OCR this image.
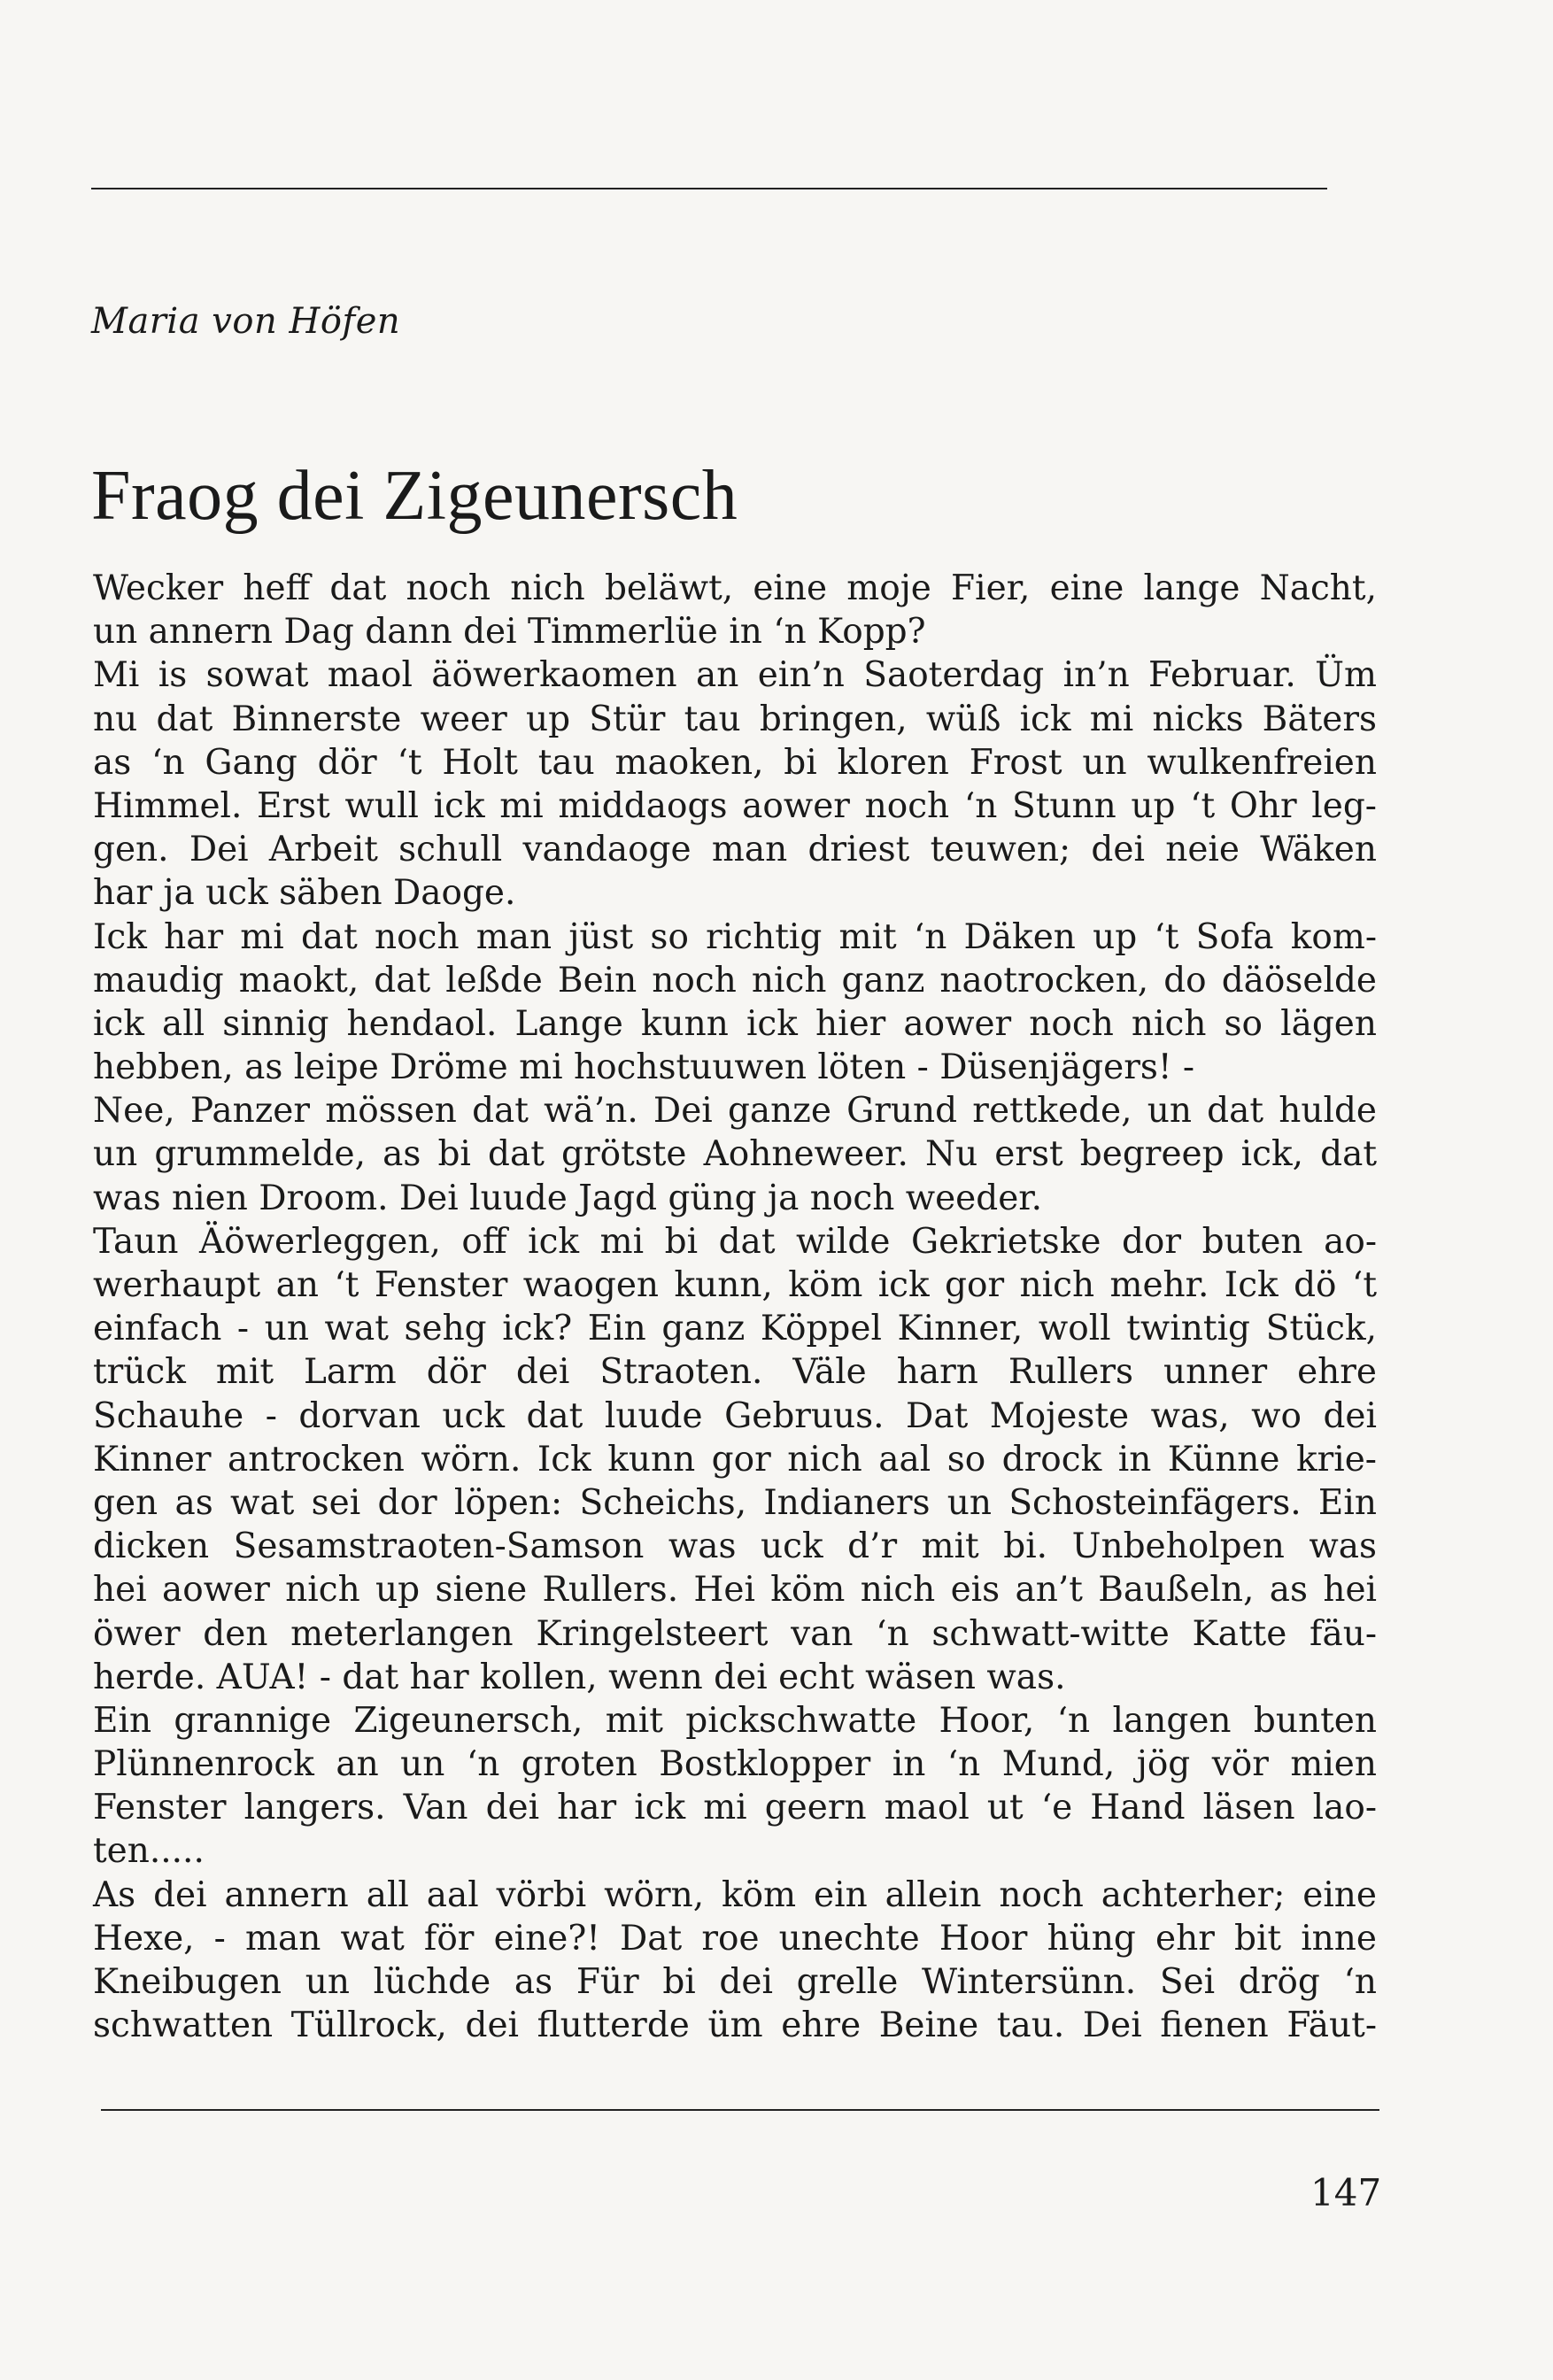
Maria von Höfen
Fraog dei Zigeunersch
Wecker heff dat noch nich beläwt, eine moje Fier, eine lange Nacht,
un annern Dag dann dei Timmerlüe in ‘n Kopp?
Mi is sowat maol äöwerkaomen an ein’n Saoterdag in’n Februar. Üm
nu dat Binnerste weer up Stür tau bringen, wüß ick mi nicks Bäters
as ‘n Gang dör ‘t Holt tau maoken, bi kloren Frost un wulkenfreien
Himmel. Erst wull ick mi middaogs aower noch ‘n Stunn up ‘t Ohr leg-
gen. Dei Arbeit schull vandaoge man driest teuwen; dei neie Wäken
har ja uck säben Daoge.
Ick har mi dat noch man jüst so richtig mit ‘n Däken up ‘t Sofa kom-
maudig maokt, dat leßde Bein noch nich ganz naotrocken, do däöselde
ick all sinnig hendaol. Lange kunn ick hier aower noch nich so lägen
hebben, as leipe Dröme mi hochstuuwen löten - Düsenjägers! -
Nee, Panzer mössen dat wä’n. Dei ganze Grund rettkede, un dat hulde
un grummelde, as bi dat grötste Aohneweer. Nu erst begreep ick, dat
was nien Droom. Dei luude Jagd güng ja noch weeder.
Taun Äöwerleggen, off ick mi bi dat wilde Gekrietske dor buten ao-
werhaupt an ‘t Fenster waogen kunn, köm ick gor nich mehr. Ick dö ‘t
einfach - un wat sehg ick? Ein ganz Köppel Kinner, woll twintig Stück,
trück mit Larm dör dei Straoten. Väle harn Rullers unner ehre
Schauhe - dorvan uck dat luude Gebruus. Dat Mojeste was, wo dei
Kinner antrocken wörn. Ick kunn gor nich aal so drock in Künne krie-
gen as wat sei dor löpen: Scheichs, Indianers un Schosteinfägers. Ein
dicken Sesamstraoten-Samson was uck d’r mit bi. Unbeholpen was
hei aower nich up siene Rullers. Hei köm nich eis an’t Baußeln, as hei
öwer den meterlangen Kringelsteert van ‘n schwatt-witte Katte fäu-
herde. AUA! - dat har kollen, wenn dei echt wäsen was.
Ein grannige Zigeunersch, mit pickschwatte Hoor, ‘n langen bunten
Plünnenrock an un ‘n groten Bostklopper in ‘n Mund, jög vör mien
Fenster langers. Van dei har ick mi geern maol ut ‘e Hand läsen lao-
ten.....
As dei annern all aal vörbi wörn, köm ein allein noch achterher; eine
Hexe, - man wat för eine?! Dat roe unechte Hoor hüng ehr bit inne
Kneibugen un lüchde as Für bi dei grelle Wintersünn. Sei drög ‘n
schwatten Tüllrock, dei flutterde üm ehre Beine tau. Dei fienen Fäut-
147
